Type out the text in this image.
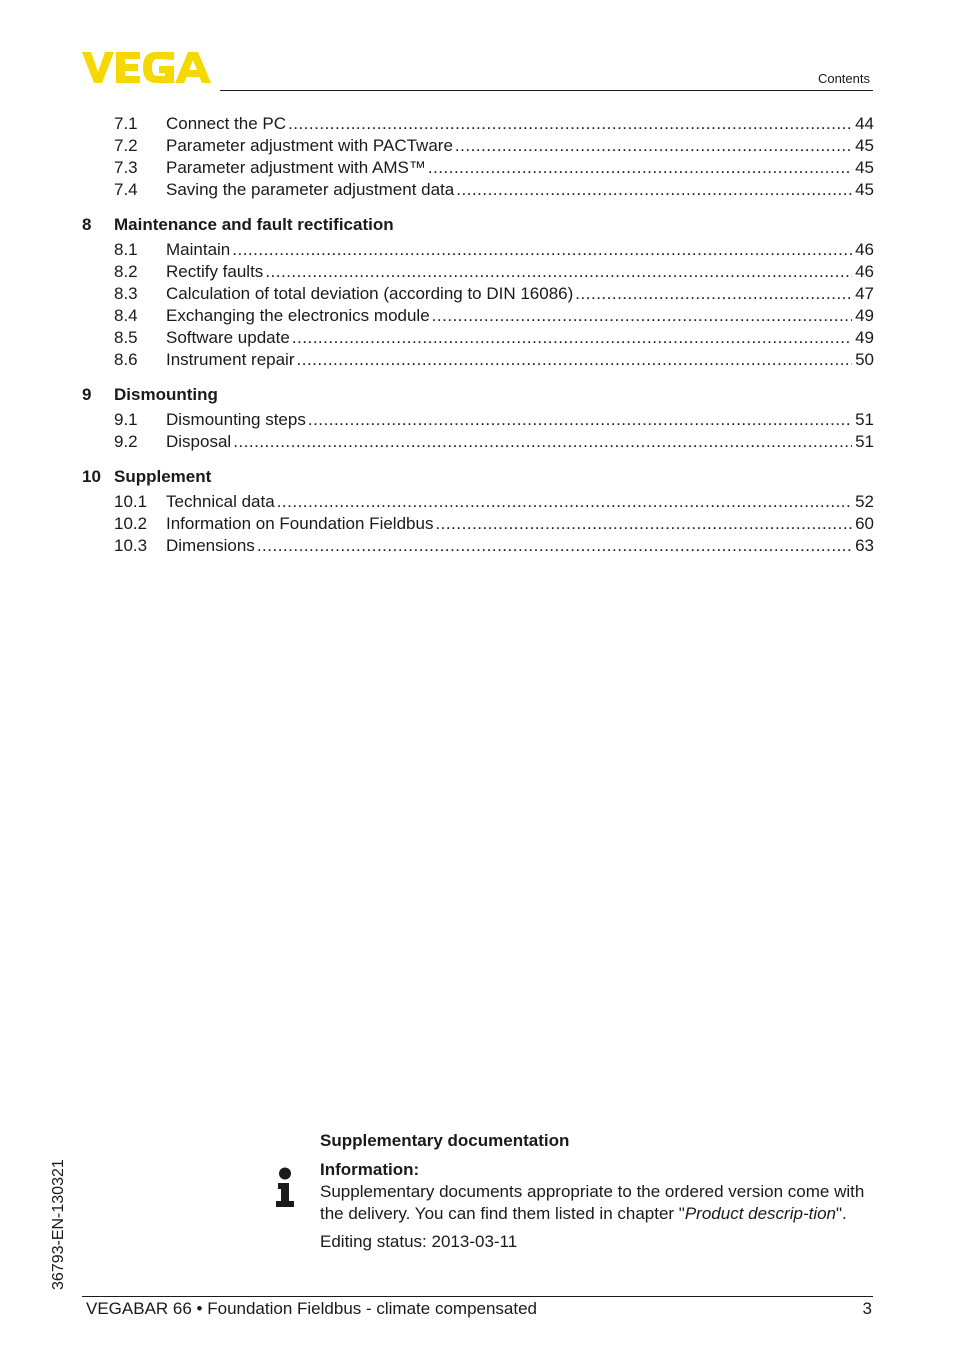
Contents
7.1	Connect the PC .....	44
7.2	Parameter adjustment with PACTware .....	45
7.3	Parameter adjustment with AMS™ .....	45
7.4	Saving the parameter adjustment data .....	45
8	Maintenance and fault rectification
8.1	Maintain .....	46
8.2	Rectify faults .....	46
8.3	Calculation of total deviation (according to DIN 16086) .....	47
8.4	Exchanging the electronics module .....	49
8.5	Software update .....	49
8.6	Instrument repair .....	50
9	Dismounting
9.1	Dismounting steps .....	51
9.2	Disposal .....	51
10 Supplement
10.1	Technical data .....	52
10.2	Information on Foundation Fieldbus .....	60
10.3	Dimensions .....	63
36793-EN-130321
Supplementary documentation
Information:
Supplementary documents appropriate to the ordered version come with the delivery. You can find them listed in chapter "Product descrip-tion".
Editing status: 2013-03-11
VEGABAR 66 • Foundation Fieldbus - climate compensated	3
